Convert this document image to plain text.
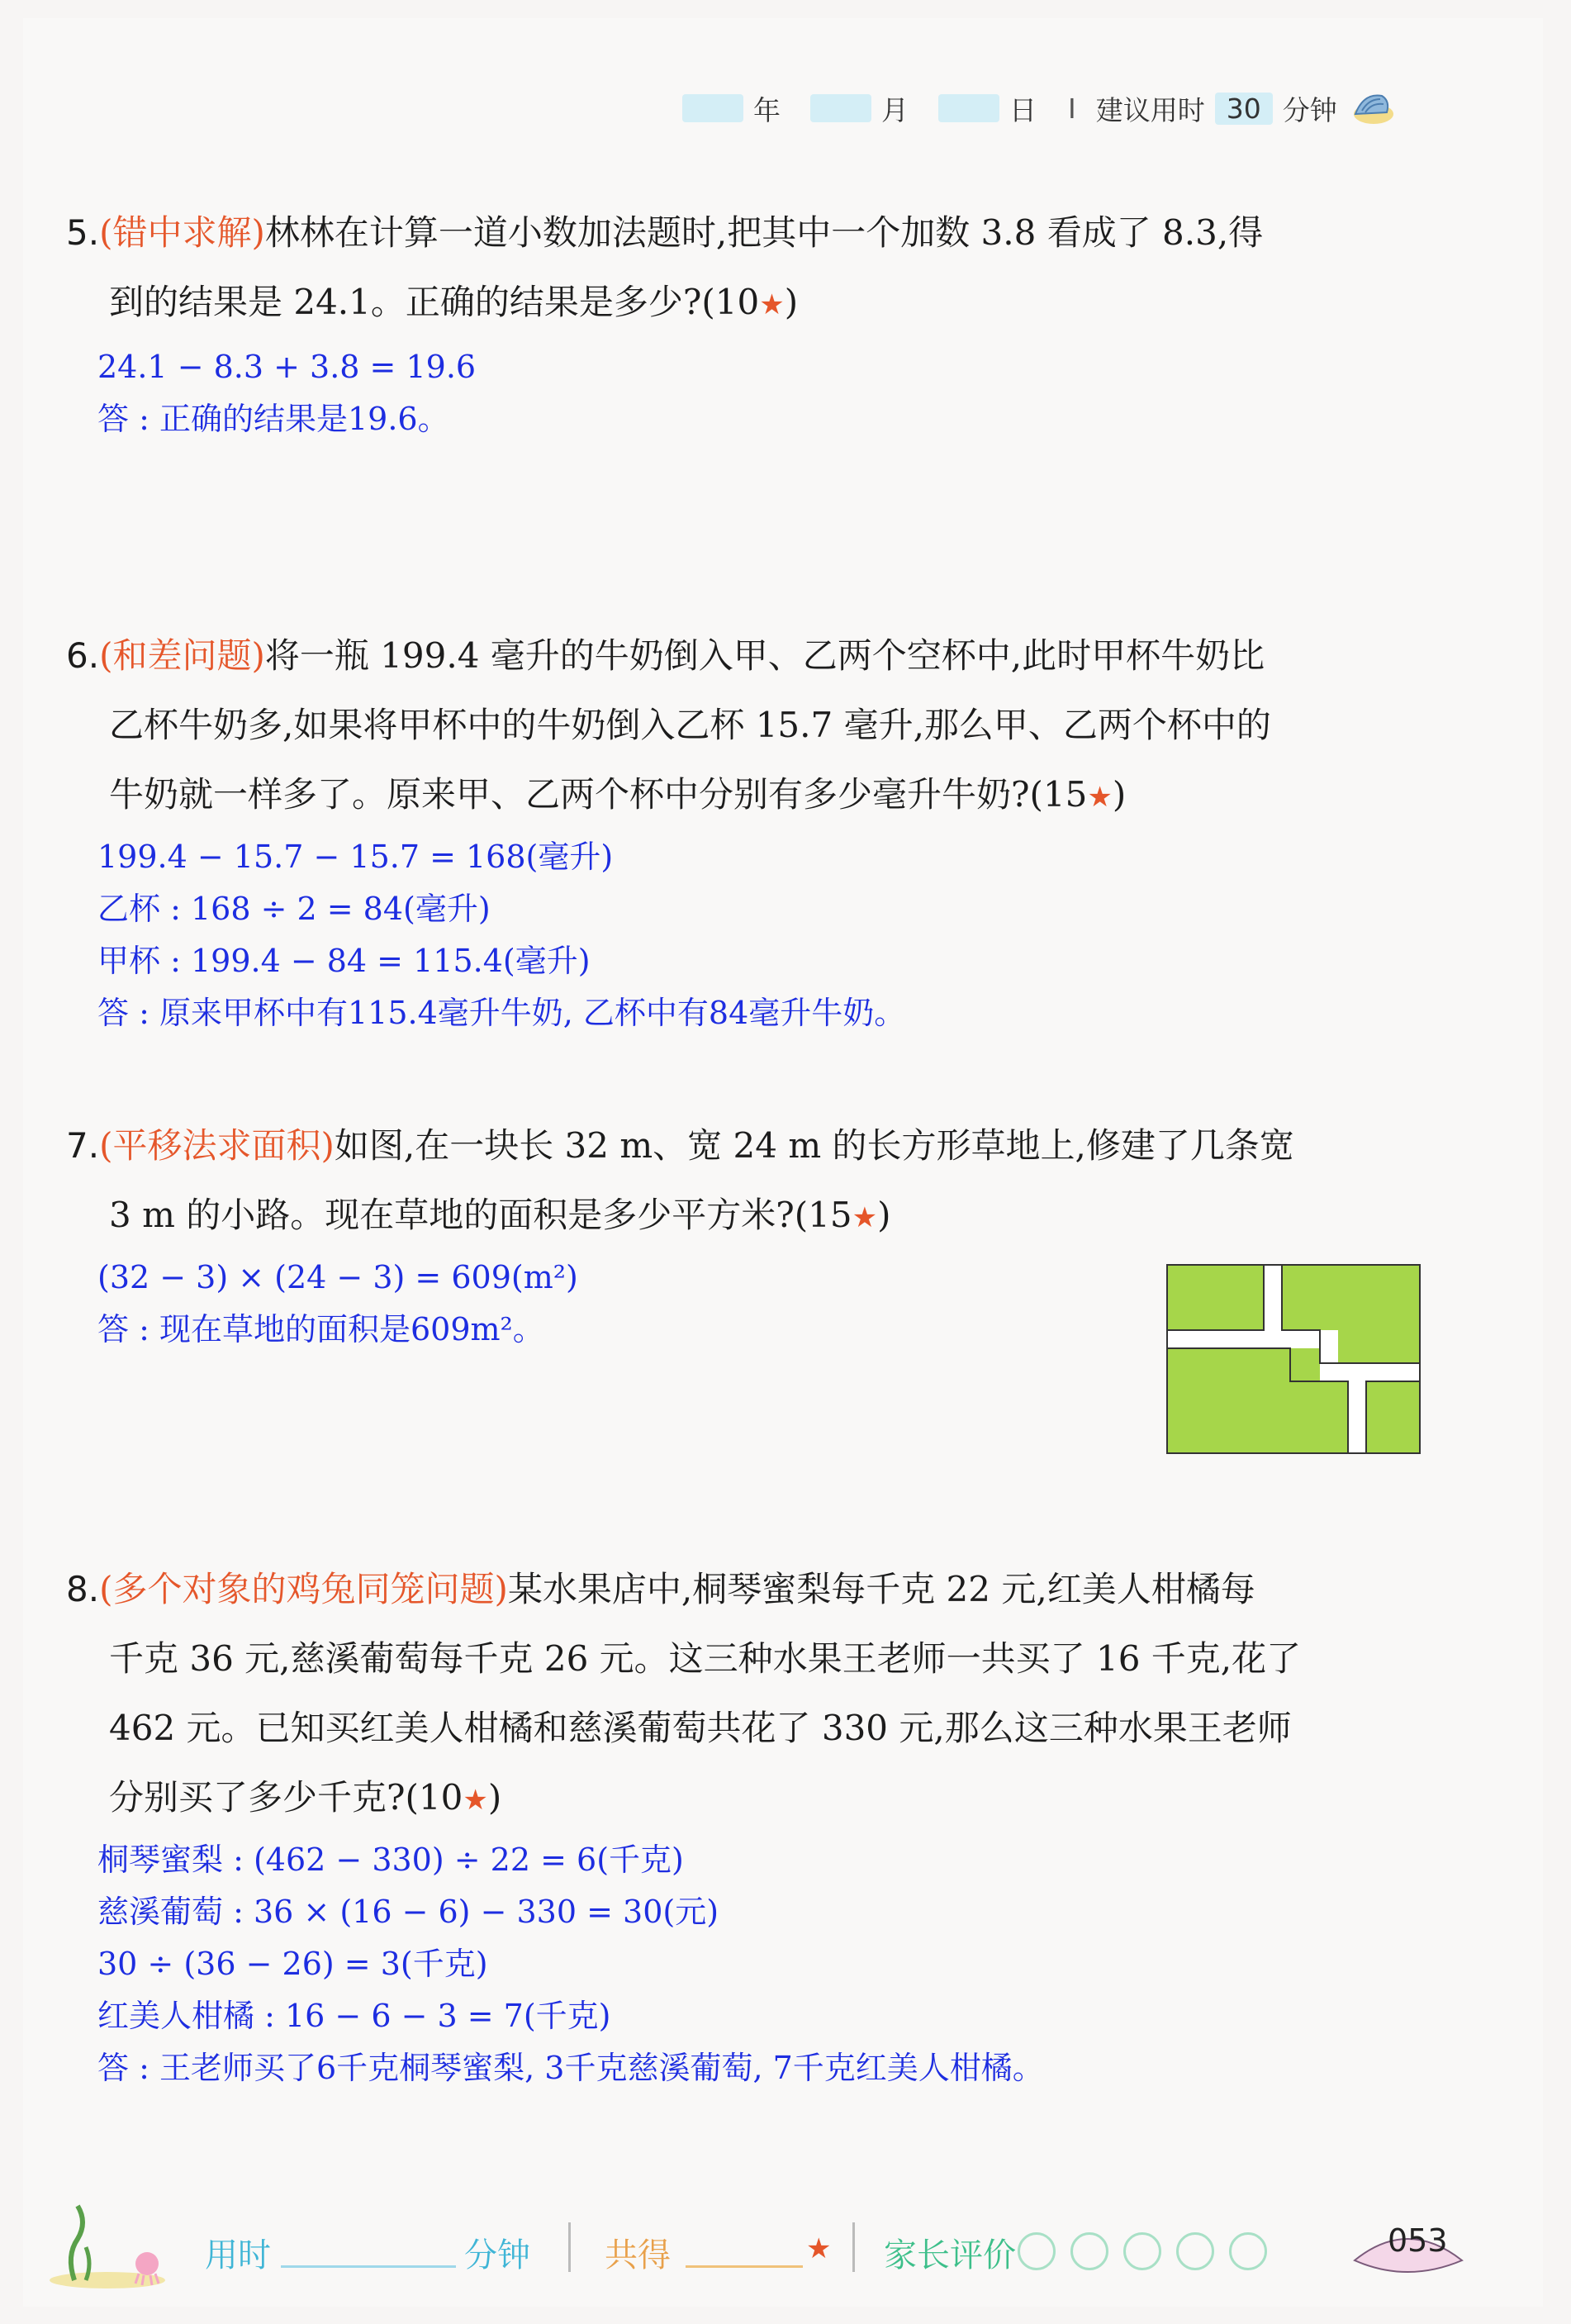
年	月	日 I 建议用时 30 分钟
5.(错中求解)林林在计算一道小数加法题时,把其中一个加数 3.8 看成了 8.3,得
到的结果是 24.1。正确的结果是多少?(10★)
24.1 − 8.3 + 3.8 = 19.6
答 : 正确的结果是19.6。
6.(和差问题)将一瓶 199.4 毫升的牛奶倒入甲、乙两个空杯中,此时甲杯牛奶比
乙杯牛奶多,如果将甲杯中的牛奶倒入乙杯 15.7 毫升,那么甲、乙两个杯中的
牛奶就一样多了。原来甲、乙两个杯中分别有多少毫升牛奶?(15★)
199.4 − 15.7 − 15.7 = 168(毫升)
乙杯 : 168 ÷ 2 = 84(毫升)
甲杯 : 199.4 − 84 = 115.4(毫升)
答 : 原来甲杯中有115.4毫升牛奶, 乙杯中有84毫升牛奶。
7.(平移法求面积)如图,在一块长 32 m、宽 24 m 的长方形草地上,修建了几条宽
3 m 的小路。现在草地的面积是多少平方米?(15★)
(32 − 3) × (24 − 3) = 609(m²)
答 : 现在草地的面积是609m²。
8.(多个对象的鸡兔同笼问题)某水果店中,桐琴蜜梨每千克 22 元,红美人柑橘每
千克 36 元,慈溪葡萄每千克 26 元。这三种水果王老师一共买了 16 千克,花了
462 元。已知买红美人柑橘和慈溪葡萄共花了 330 元,那么这三种水果王老师
分别买了多少千克?(10★)
桐琴蜜梨 : (462 − 330) ÷ 22 = 6(千克)
慈溪葡萄 : 36 × (16 − 6) − 330 = 30(元)
30 ÷ (36 − 26) = 3(千克)
红美人柑橘 : 16 − 6 − 3 = 7(千克)
答 : 王老师买了6千克桐琴蜜梨, 3千克慈溪葡萄, 7千克红美人柑橘。
用时	分钟 共得	★ 家长评价	053
